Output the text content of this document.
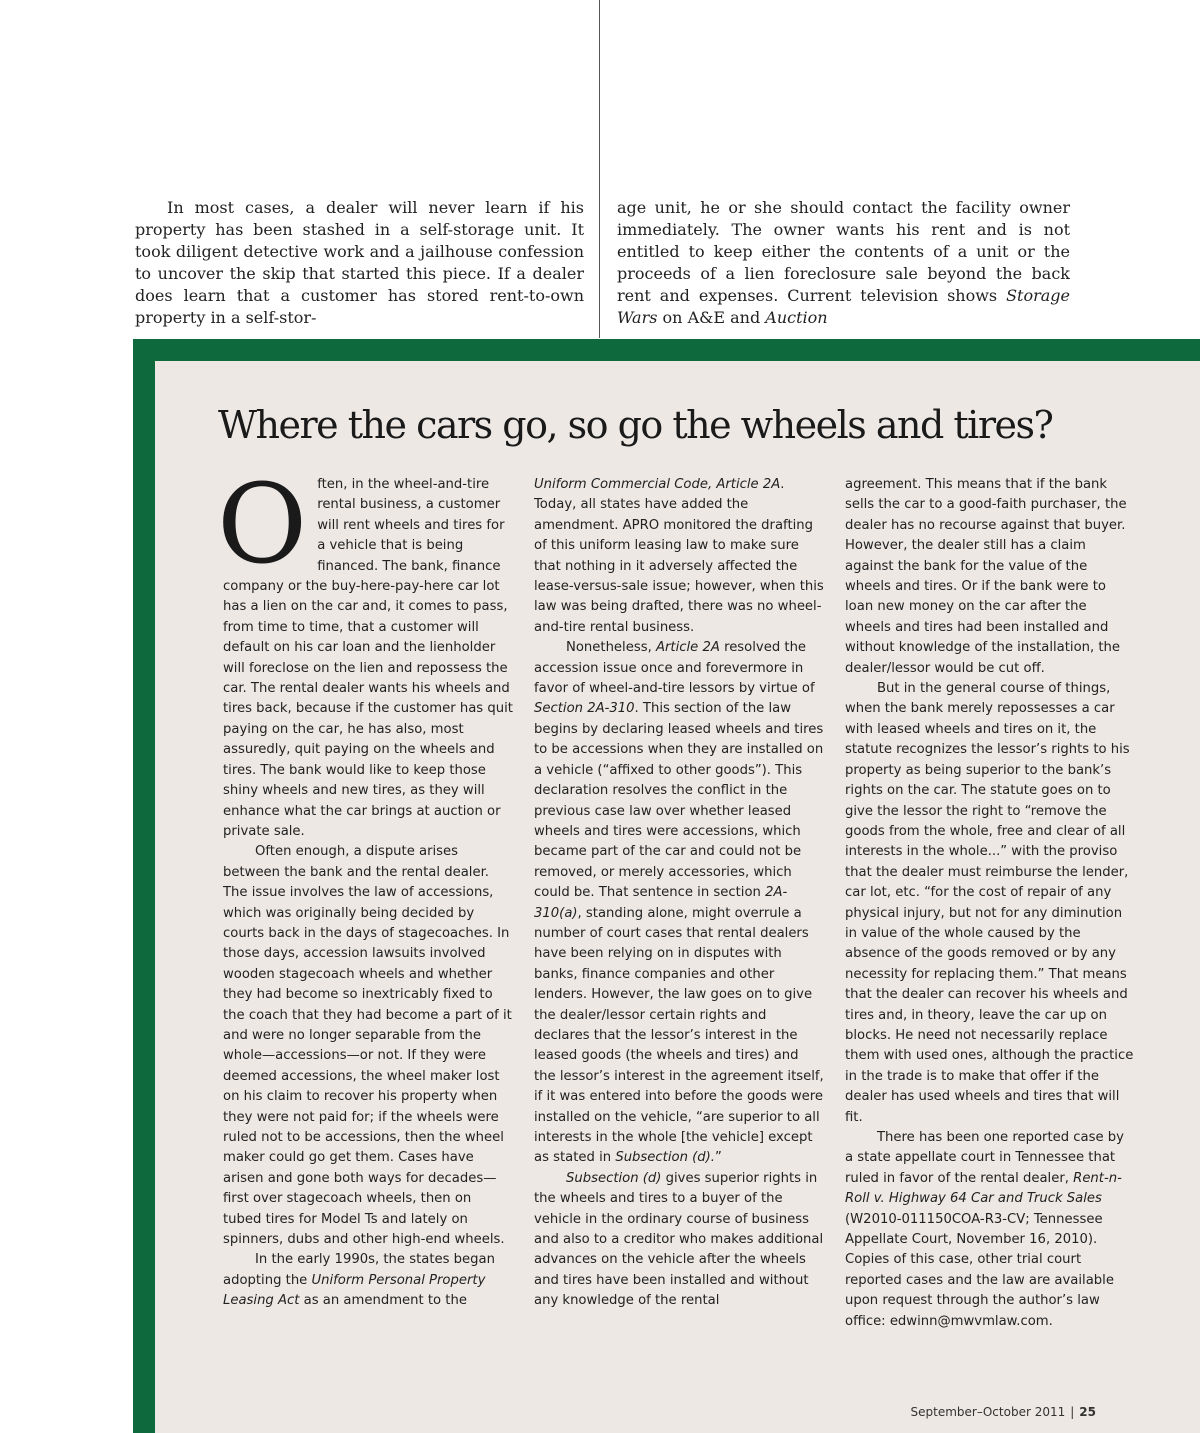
In most cases, a dealer will never learn if his property has been stashed in a self-storage unit. It took diligent detective work and a jailhouse confession to uncover the skip that started this piece. If a dealer does learn that a customer has stored rent-to-own property in a self-stor-

age unit, he or she should contact the facility owner immediately. The owner wants his rent and is not entitled to keep either the contents of a unit or the proceeds of a lien foreclosure sale beyond the back rent and expenses. Current television shows Storage Wars on A&E and Auction

Where the cars go, so go the wheels and tires?

Often, in the wheel-and-tire rental business, a customer will rent wheels and tires for a vehicle that is being financed. The bank, finance company or the buy-here-pay-here car lot has a lien on the car and, it comes to pass, from time to time, that a customer will default on his car loan and the lienholder will foreclose on the lien and repossess the car. The rental dealer wants his wheels and tires back, because if the customer has quit paying on the car, he has also, most assuredly, quit paying on the wheels and tires. The bank would like to keep those shiny wheels and new tires, as they will enhance what the car brings at auction or private sale.

Often enough, a dispute arises between the bank and the rental dealer. The issue involves the law of accessions, which was originally being decided by courts back in the days of stagecoaches. In those days, accession lawsuits involved wooden stagecoach wheels and whether they had become so inextricably fixed to the coach that they had become a part of it and were no longer separable from the whole—accessions—or not. If they were deemed accessions, the wheel maker lost on his claim to recover his property when they were not paid for; if the wheels were ruled not to be accessions, then the wheel maker could go get them. Cases have arisen and gone both ways for decades— first over stagecoach wheels, then on tubed tires for Model Ts and lately on spinners, dubs and other high-end wheels.

In the early 1990s, the states began adopting the Uniform Personal Property Leasing Act as an amendment to the

Uniform Commercial Code, Article 2A. Today, all states have added the amendment. APRO monitored the drafting of this uniform leasing law to make sure that nothing in it adversely affected the lease-versus-sale issue; however, when this law was being drafted, there was no wheel-and-tire rental business.

Nonetheless, Article 2A resolved the accession issue once and forevermore in favor of wheel-and-tire lessors by virtue of Section 2A-310. This section of the law begins by declaring leased wheels and tires to be accessions when they are installed on a vehicle (“affixed to other goods”). This declaration resolves the conflict in the previous case law over whether leased wheels and tires were accessions, which became part of the car and could not be removed, or merely accessories, which could be. That sentence in section 2A-310(a), standing alone, might overrule a number of court cases that rental dealers have been relying on in disputes with banks, finance companies and other lenders. However, the law goes on to give the dealer/lessor certain rights and declares that the lessor’s interest in the leased goods (the wheels and tires) and the lessor’s interest in the agreement itself, if it was entered into before the goods were installed on the vehicle, “are superior to all interests in the whole [the vehicle] except as stated in Subsection (d).”

Subsection (d) gives superior rights in the wheels and tires to a buyer of the vehicle in the ordinary course of business and also to a creditor who makes additional advances on the vehicle after the wheels and tires have been installed and without any knowledge of the rental

agreement. This means that if the bank sells the car to a good-faith purchaser, the dealer has no recourse against that buyer. However, the dealer still has a claim against the bank for the value of the wheels and tires. Or if the bank were to loan new money on the car after the wheels and tires had been installed and without knowledge of the installation, the dealer/lessor would be cut off.

But in the general course of things, when the bank merely repossesses a car with leased wheels and tires on it, the statute recognizes the lessor’s rights to his property as being superior to the bank’s rights on the car. The statute goes on to give the lessor the right to “remove the goods from the whole, free and clear of all interests in the whole...” with the proviso that the dealer must reimburse the lender, car lot, etc. “for the cost of repair of any physical injury, but not for any diminution in value of the whole caused by the absence of the goods removed or by any necessity for replacing them.” That means that the dealer can recover his wheels and tires and, in theory, leave the car up on blocks. He need not necessarily replace them with used ones, although the practice in the trade is to make that offer if the dealer has used wheels and tires that will fit.

There has been one reported case by a state appellate court in Tennessee that ruled in favor of the rental dealer, Rent-n-Roll v. Highway 64 Car and Truck Sales (W2010-011150COA-R3-CV; Tennessee Appellate Court, November 16, 2010). Copies of this case, other trial court reported cases and the law are available upon request through the author’s law office: edwinn@mwvmlaw.com.

September–October 2011 | 25
